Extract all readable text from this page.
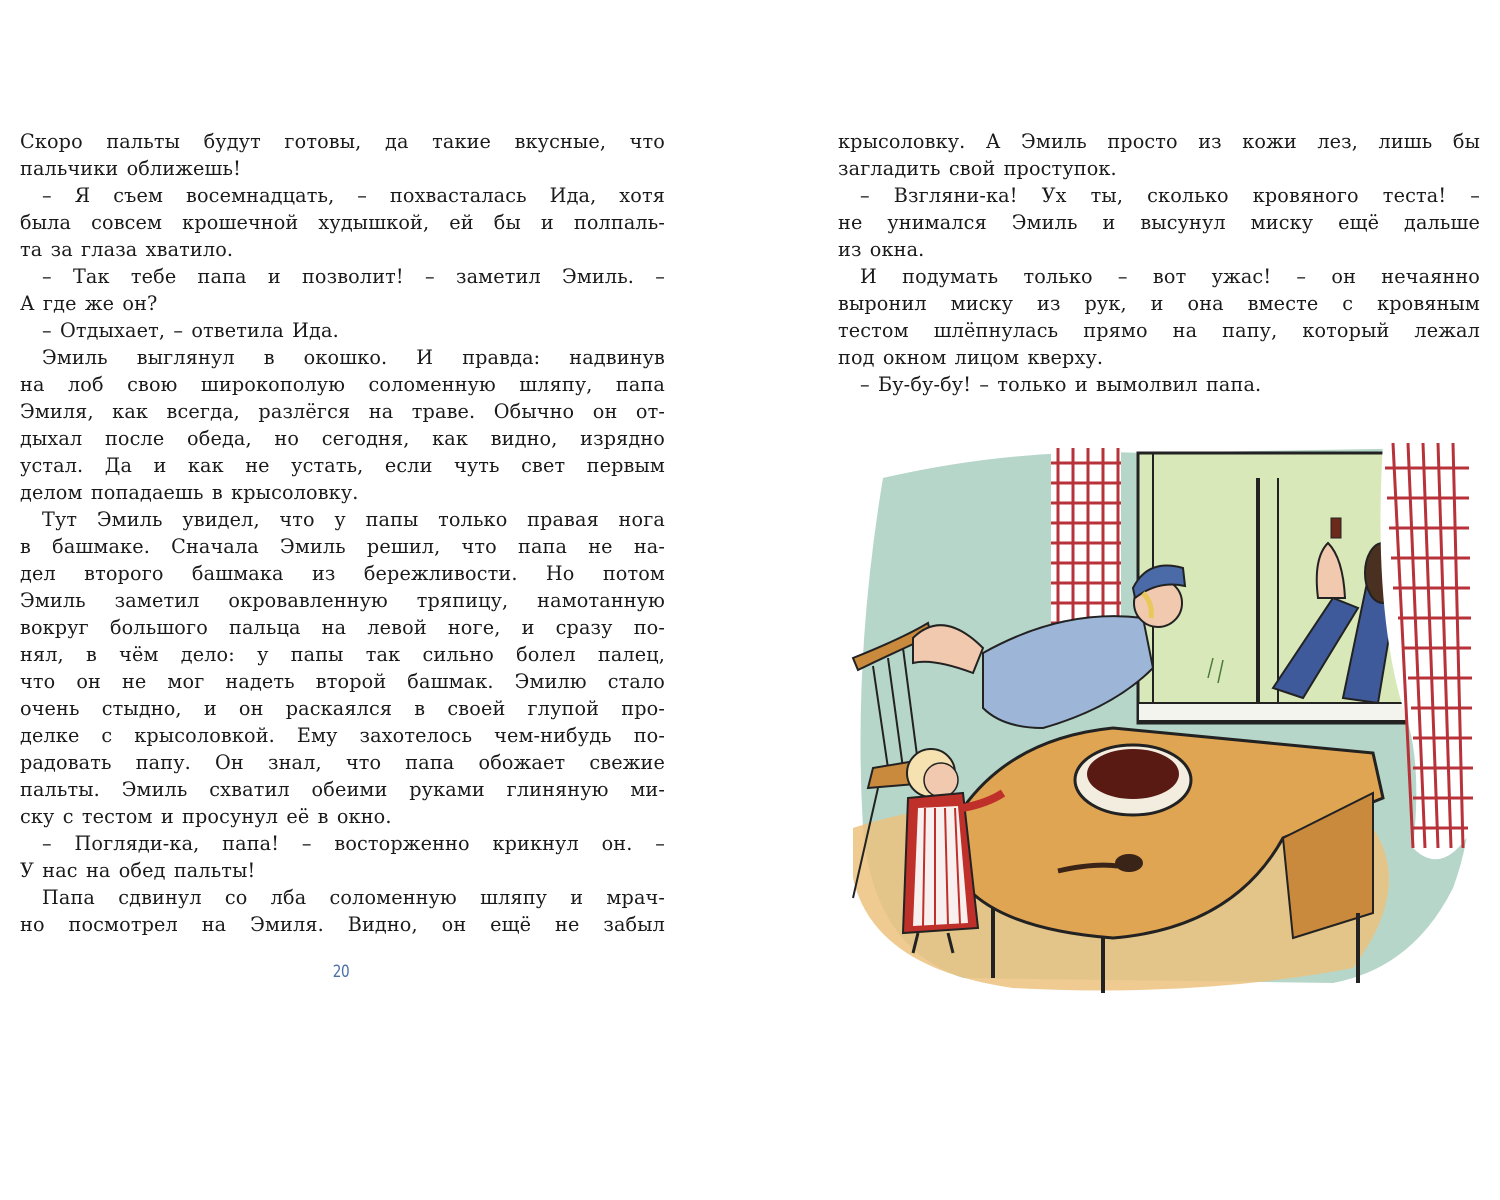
Скоро пальты будут готовы, да такие вкусные, что
пальчики оближешь!
– Я съем восемнадцать, – похвасталась Ида, хотя
была совсем крошечной худышкой, ей бы и полпаль-
та за глаза хватило.
– Так тебе папа и позволит! – заметил Эмиль. –
А где же он?
– Отдыхает, – ответила Ида.
Эмиль выглянул в окошко. И правда: надвинув
на лоб свою широкополую соломенную шляпу, папа
Эмиля, как всегда, разлёгся на траве. Обычно он от-
дыхал после обеда, но сегодня, как видно, изрядно
устал. Да и как не устать, если чуть свет первым
делом попадаешь в крысоловку.
Тут Эмиль увидел, что у папы только правая нога
в башмаке. Сначала Эмиль решил, что папа не на-
дел второго башмака из бережливости. Но потом
Эмиль заметил окровавленную тряпицу, намотанную
вокруг большого пальца на левой ноге, и сразу по-
нял, в чём дело: у папы так сильно болел палец,
что он не мог надеть второй башмак. Эмилю стало
очень стыдно, и он раскаялся в своей глупой про-
делке с крысоловкой. Ему захотелось чем-нибудь по-
радовать папу. Он знал, что папа обожает свежие
пальты. Эмиль схватил обеими руками глиняную ми-
ску с тестом и просунул её в окно.
– Погляди-ка, папа! – восторженно крикнул он. –
У нас на обед пальты!
Папа сдвинул со лба соломенную шляпу и мрач-
но посмотрел на Эмиля. Видно, он ещё не забыл
20
крысоловку. А Эмиль просто из кожи лез, лишь бы
загладить свой проступок.
– Взгляни-ка! Ух ты, сколько кровяного теста! –
не унимался Эмиль и высунул миску ещё дальше
из окна.
И подумать только – вот ужас! – он нечаянно
выронил миску из рук, и она вместе с кровяным
тестом шлёпнулась прямо на папу, который лежал
под окном лицом кверху.
– Бу-бу-бу! – только и вымолвил папа.
